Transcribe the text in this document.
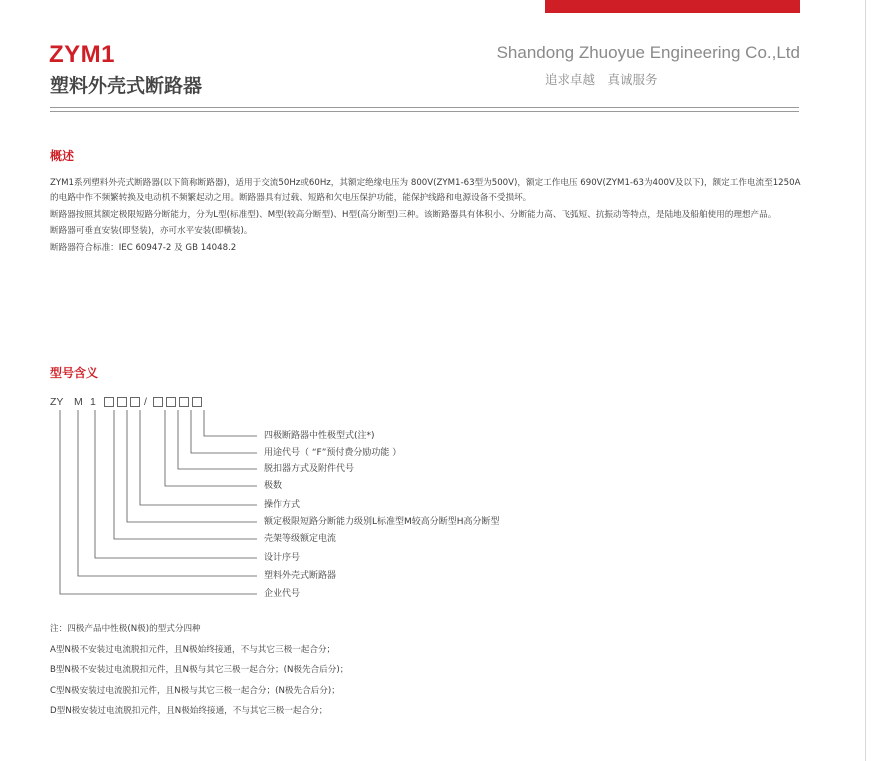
ZYM1
塑料外壳式断路器
Shandong Zhuoyue Engineering Co.,Ltd
追求卓越　真诚服务
概述

ZYM1系列塑料外壳式断路器(以下简称断路器)，适用于交流50Hz或60Hz，其额定绝缘电压为 800V(ZYM1-63型为500V)，额定工作电压 690V(ZYM1-63为400V及以下)，额定工作电流至1250A 的电路中作不频繁转换及电动机不频繁起动之用。断路器具有过载、短路和欠电压保护功能，能保护线路和电源设备不受损坏。

断路器按照其额定极限短路分断能力，分为L型(标准型)、M型(较高分断型)、H型(高分断型)三种。该断路器具有体积小、分断能力高、飞弧短、抗振动等特点，是陆地及船舶使用的理想产品。

断路器可垂直安装(即竖装)，亦可水平安装(即横装)。

断路器符合标准：IEC 60947-2 及 GB 14048.2

型号含义
ZY M 1	/
四极断路器中性极型式(注*)
用途代号（ “F”预付费分励功能 ）
脱扣器方式及附件代号
极数
操作方式
额定极限短路分断能力级别L标准型M较高分断型H高分断型
壳架等级额定电流
设计序号
塑料外壳式断路器
企业代号
注：四极产品中性极(N极)的型式分四种
A型N极不安装过电流脱扣元件，且N极始终接通，不与其它三极一起合分；
B型N极不安装过电流脱扣元件，且N极与其它三极一起合分；(N极先合后分)；
C型N极安装过电流脱扣元件，且N极与其它三极一起合分；(N极先合后分)；
D型N极安装过电流脱扣元件，且N极始终接通，不与其它三极一起合分；
